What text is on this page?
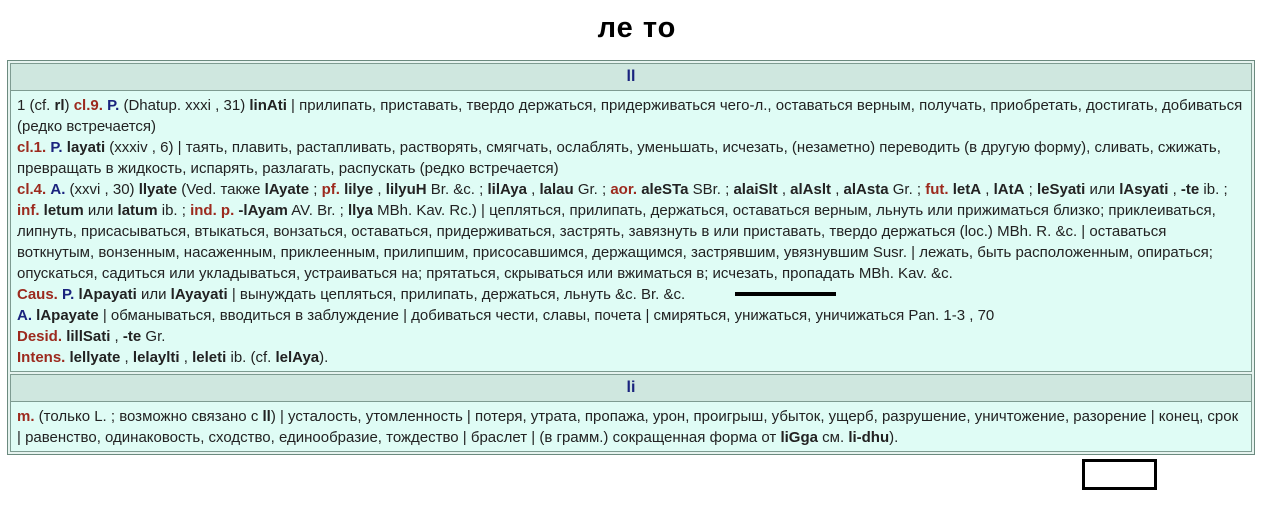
ле то
ll
1 (cf. rl) cl.9. P. (Dhatup. xxxi , 31) linAti | прилипать, приставать, твердо держаться, придерживаться чего-л., оставаться верным, получать, приобретать, достигать, добиваться (редко встречается)
cl.1. P. layati (xxxiv , 6) | таять, плавить, растапливать, растворять, смягчать, ослаблять, уменьшать, исчезать, (незаметно) переводить (в другую форму), сливать, сжижать, превращать в жидкость, испарять, разлагать, распускать (редко встречается)
cl.4. A. (xxvi , 30) llyate (Ved. также lAyate ; pf. lilye , lilyuH Br. &c. ; lilAya , lalau Gr. ; aor. aleSTa SBr. ; alaiSlt , alAslt , alAsta Gr. ; fut. letA , lAtA ; leSyati или lAsyati , -te ib. ; inf. letum или latum ib. ; ind. p. -lAyam AV. Br. ; llya MBh. Kav. Rc.) | цепляться, прилипать, держаться, оставаться верным, льнуть или прижиматься близко; приклеиваться, липнуть, присасываться, втыкаться, вонзаться, оставаться, придерживаться, застрять, завязнуть в или приставать, твердо держаться (loc.) MBh. R. &c. | оставаться воткнутым, вонзенным, насаженным, приклеенным, прилипшим, присосавшимся, держащимся, застрявшим, увязнувшим Susr. | лежать, быть расположенным, опираться; опускаться, садиться или укладываться, устраиваться на; прятаться, скрываться или вжиматься в; исчезать, пропадать MBh. Kav. &c.
Caus. P. lApayati или lAyayati | вынуждать цепляться, прилипать, держаться, льнуть &c. Br. &c.
A. lApayate | обманываться, вводиться в заблуждение | добиваться чести, славы, почета | смиряться, унижаться, уничижаться Pan. 1-3 , 70
Desid. lillSati , -te Gr.
Intens. lellyate , lelaylti , leleti ib. (cf. lelAya).
li
m. (только L. ; возможно связано с ll) | усталость, утомленность | потеря, утрата, пропажа, урон, проигрыш, убыток, ущерб, разрушение, уничтожение, разорение | конец, срок | равенство, одинаковость, сходство, единообразие, тождество | браслет | (в грамм.) сокращенная форма от liGga см. li-dhu).
